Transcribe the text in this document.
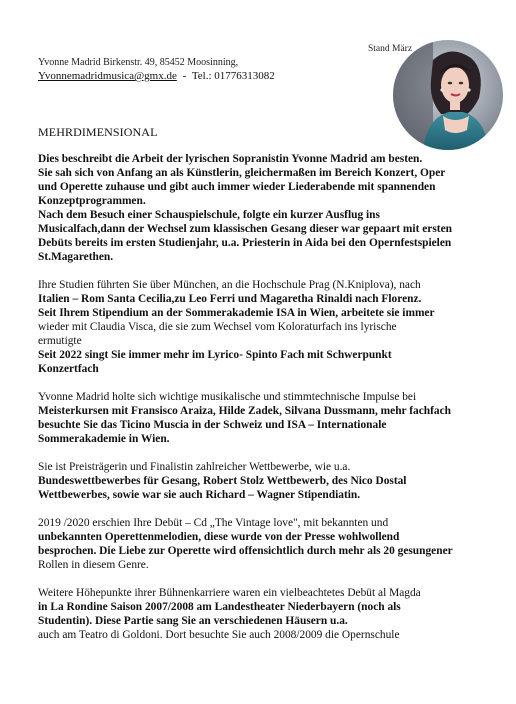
Stand März
Yvonne Madrid Birkenstr. 49, 85452 Moosinning,
Yvonnemadridmusica@gmx.de - Tel.: 01776313082
MEHRDIMENSIONAL
Dies beschreibt die Arbeit der lyrischen Sopranistin Yvonne Madrid am besten.
Sie sah sich von Anfang an als Künstlerin, gleichermaßen im Bereich Konzert, Oper
und Operette zuhause und gibt auch immer wieder Liederabende mit spannenden
Konzeptprogrammen.
Nach dem Besuch einer Schauspielschule, folgte ein kurzer Ausflug ins
Musicalfach,dann der Wechsel zum klassischen Gesang dieser war gepaart mit ersten
Debüts bereits im ersten Studienjahr, u.a. Priesterin in Aida bei den Opernfestspielen
St.Magarethen.
Ihre Studien führten Sie über München, an die Hochschule Prag (N.Kniplova), nach
Italien – Rom Santa Cecilia,zu Leo Ferri und Magaretha Rinaldi nach Florenz.
Seit Ihrem Stipendium an der Sommerakademie ISA in Wien, arbeitete sie immer
wieder mit Claudia Visca, die sie zum Wechsel vom Koloraturfach ins lyrische
ermutigte
Seit 2022 singt Sie immer mehr im Lyrico- Spinto Fach mit Schwerpunkt
Konzertfach
Yvonne Madrid holte sich wichtige musikalische und stimmtechnische Impulse bei
Meisterkursen mit Fransisco Araiza, Hilde Zadek, Silvana Dussmann, mehr fachfach
besuchte Sie das Ticino Muscia in der Schweiz und ISA – Internationale
Sommerakademie in Wien.
Sie ist Preisträgerin und Finalistin zahlreicher Wettbewerbe, wie u.a.
Bundeswettbewerbes für Gesang, Robert Stolz Wettbewerb, des Nico Dostal
Wettbewerbes, sowie war sie auch Richard – Wagner Stipendiatin.
2019 /2020 erschien Ihre Debüt – Cd „The Vintage love", mit bekannten und
unbekannten Operettenmelodien, diese wurde von der Presse wohlwollend
besprochen. Die Liebe zur Operette wird offensichtlich durch mehr als 20 gesungener
Rollen in diesem Genre.
Weitere Höhepunkte ihrer Bühnenkarriere waren ein vielbeachtetes Debüt al Magda
in La Rondine Saison 2007/2008 am Landestheater Niederbayern (noch als
Studentin). Diese Partie sang Sie an verschiedenen Häusern u.a.
auch am Teatro di Goldoni. Dort besuchte Sie auch 2008/2009 die Opernschule
